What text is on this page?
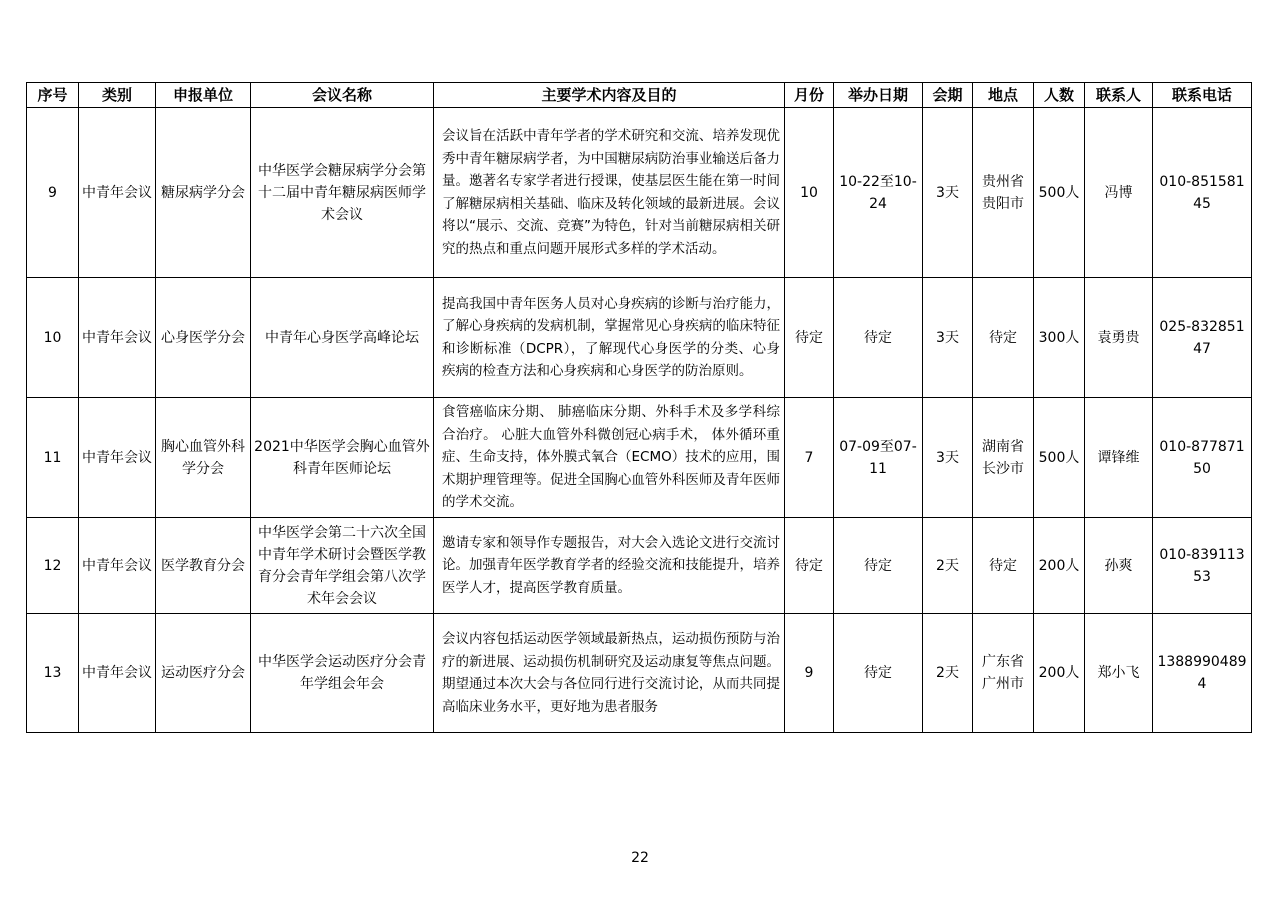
序号	类别	申报单位	会议名称	主要学术内容及目的	月份	举办日期	会期	地点	人数	联系人	联系电话
9	中青年会议	糖尿病学分会	中华医学会糖尿病学分会第十二届中青年糖尿病医师学术会议	会议旨在活跃中青年学者的学术研究和交流、培养发现优秀中青年糖尿病学者，为中国糖尿病防治事业输送后备力量。邀著名专家学者进行授课，使基层医生能在第一时间了解糖尿病相关基础、临床及转化领域的最新进展。会议将以“展示、交流、竞赛”为特色，针对当前糖尿病相关研究的热点和重点问题开展形式多样的学术活动。	10	10-22至10-24	3天	贵州省贵阳市	500人	冯博	010-85158145
10	中青年会议	心身医学分会	中青年心身医学高峰论坛	提高我国中青年医务人员对心身疾病的诊断与治疗能力，了解心身疾病的发病机制，掌握常见心身疾病的临床特征和诊断标准（DCPR），了解现代心身医学的分类、心身疾病的检查方法和心身疾病和心身医学的防治原则。	待定	待定	3天	待定	300人	袁勇贵	025-83285147
11	中青年会议	胸心血管外科学分会	2021中华医学会胸心血管外科青年医师论坛	食管癌临床分期、 肺癌临床分期、外科手术及多学科综合治疗。 心脏大血管外科微创冠心病手术， 体外循环重症、生命支持，体外膜式氧合（ECMO）技术的应用，围术期护理管理等。促进全国胸心血管外科医师及青年医师的学术交流。	7	07-09至07-11	3天	湖南省长沙市	500人	谭锋维	010-87787150
12	中青年会议	医学教育分会	中华医学会第二十六次全国中青年学术研讨会暨医学教育分会青年学组会第八次学术年会会议	邀请专家和领导作专题报告，对大会入选论文进行交流讨论。加强青年医学教育学者的经验交流和技能提升，培养医学人才，提高医学教育质量。	待定	待定	2天	待定	200人	孙爽	010-83911353
13	中青年会议	运动医疗分会	中华医学会运动医疗分会青年学组会年会	会议内容包括运动医学领域最新热点，运动损伤预防与治疗的新进展、运动损伤机制研究及运动康复等焦点问题。期望通过本次大会与各位同行进行交流讨论，从而共同提高临床业务水平，更好地为患者服务	9	待定	2天	广东省广州市	200人	郑小飞	13889904894
22
